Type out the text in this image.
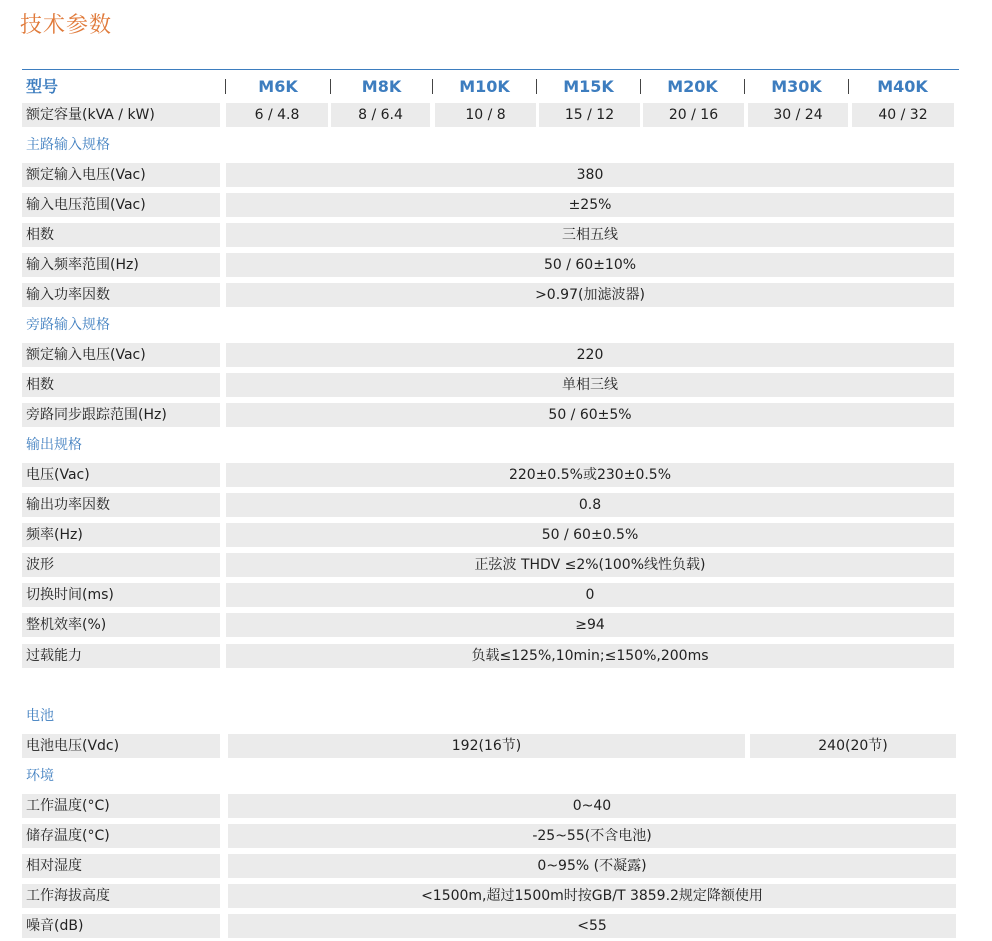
技术参数
型号	M6K	M8K	M10K	M15K	M20K	M30K	M40K
额定容量(kVA / kW)	6 / 4.8	8 / 6.4	10 / 8	15 / 12	20 / 16	30 / 24	40 / 32
主路输入规格
额定输入电压(Vac)	380
输入电压范围(Vac)	±25%
相数	三相五线
输入频率范围(Hz)	50 / 60±10%
输入功率因数	>0.97(加滤波器)
旁路输入规格
额定输入电压(Vac)	220
相数	单相三线
旁路同步跟踪范围(Hz)	50 / 60±5%
输出规格
电压(Vac)	220±0.5%或230±0.5%
输出功率因数	0.8
频率(Hz)	50 / 60±0.5%
波形	正弦波 THDV ≤2%(100%线性负载)
切换时间(ms)	0
整机效率(%)	≥94
过载能力	负载≤125%,10min;≤150%,200ms
电池
电池电压(Vdc)	192(16节)	240(20节)
环境
工作温度(°C)	0~40
储存温度(°C)	-25~55(不含电池)
相对湿度	0~95% (不凝露)
工作海拔高度	<1500m,超过1500m时按GB/T 3859.2规定降额使用
噪音(dB)	<55
